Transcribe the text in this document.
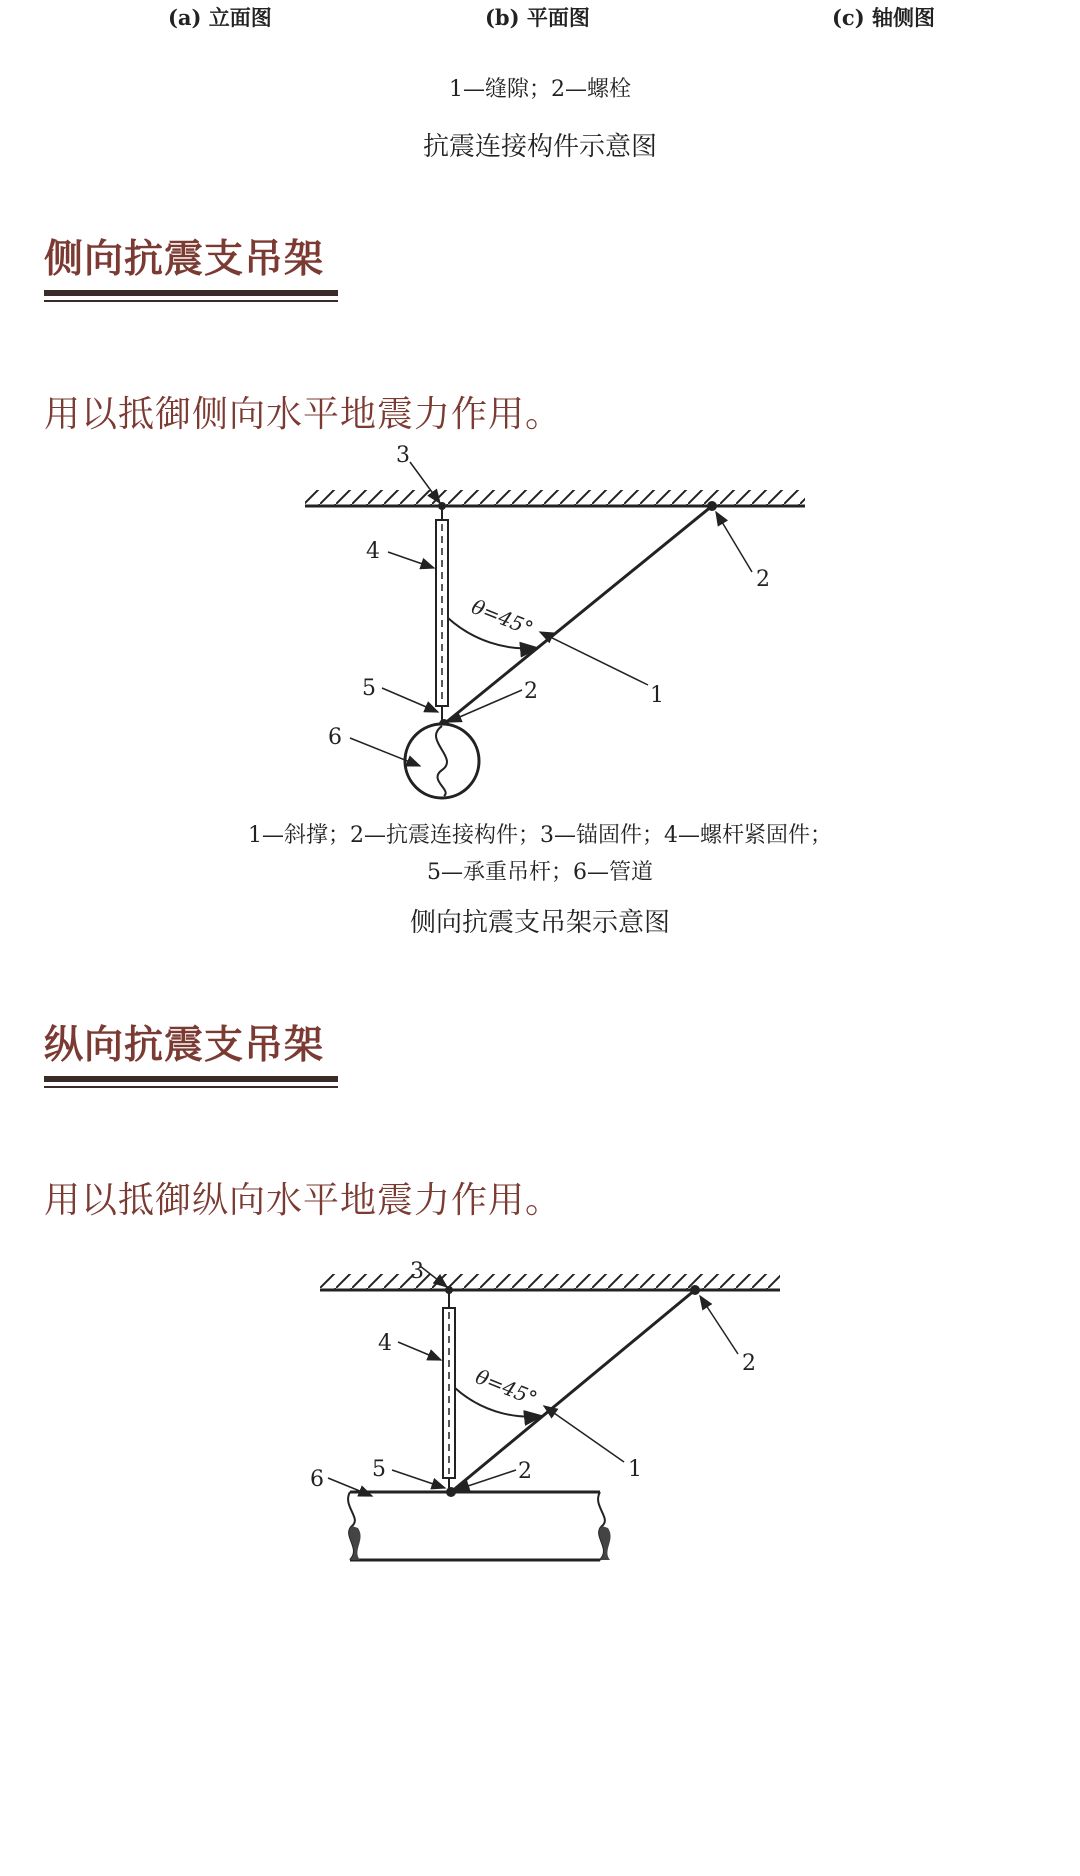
(a) 立面图	(b) 平面图	(c) 轴侧图
1—缝隙；2—螺栓
抗震连接构件示意图
侧向抗震支吊架
用以抵御侧向水平地震力作用。
3
4
5
6
2
2
1
θ=45°
1—斜撑；2—抗震连接构件；3—锚固件；4—螺杆紧固件；
5—承重吊杆；6—管道
侧向抗震支吊架示意图
纵向抗震支吊架
用以抵御纵向水平地震力作用。
3
4
5
6	2
2
1
θ=45°
